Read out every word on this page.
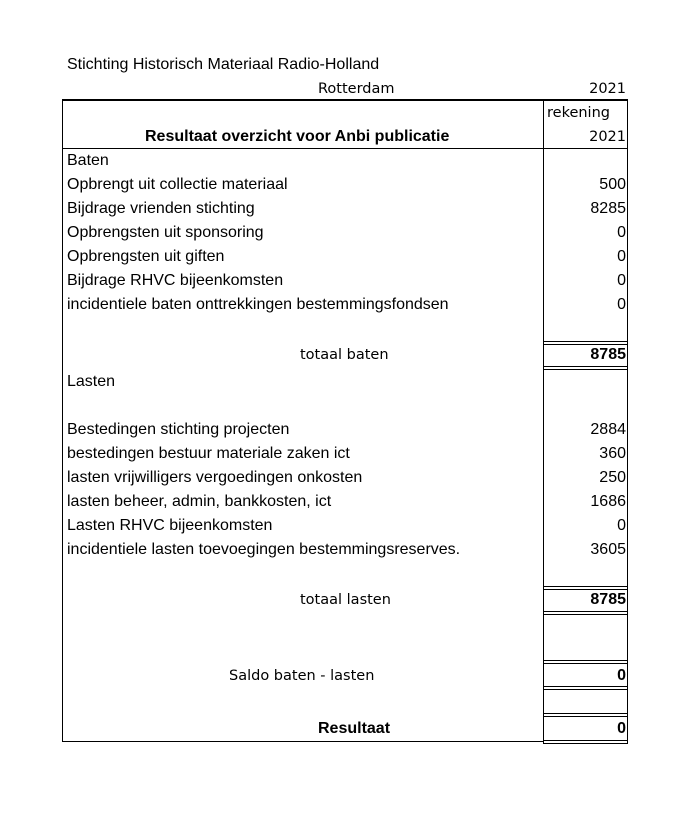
Stichting Historisch Materiaal Radio-Holland
Rotterdam	2021
rekening
2021
Resultaat overzicht voor Anbi publicatie
Baten
Opbrengt uit collectie materiaal	500
Bijdrage vrienden stichting	8285
Opbrengsten uit sponsoring	0
Opbrengsten uit giften	0
Bijdrage RHVC bijeenkomsten	0
incidentiele baten onttrekkingen bestemmingsfondsen	0
totaal baten	8785
Lasten
Bestedingen stichting projecten	2884
bestedingen bestuur materiale zaken ict	360
lasten vrijwilligers vergoedingen onkosten	250
lasten beheer, admin, bankkosten, ict	1686
Lasten RHVC bijeenkomsten	0
incidentiele lasten toevoegingen bestemmingsreserves.	3605
totaal lasten	8785
Saldo baten - lasten	0
Resultaat	0
